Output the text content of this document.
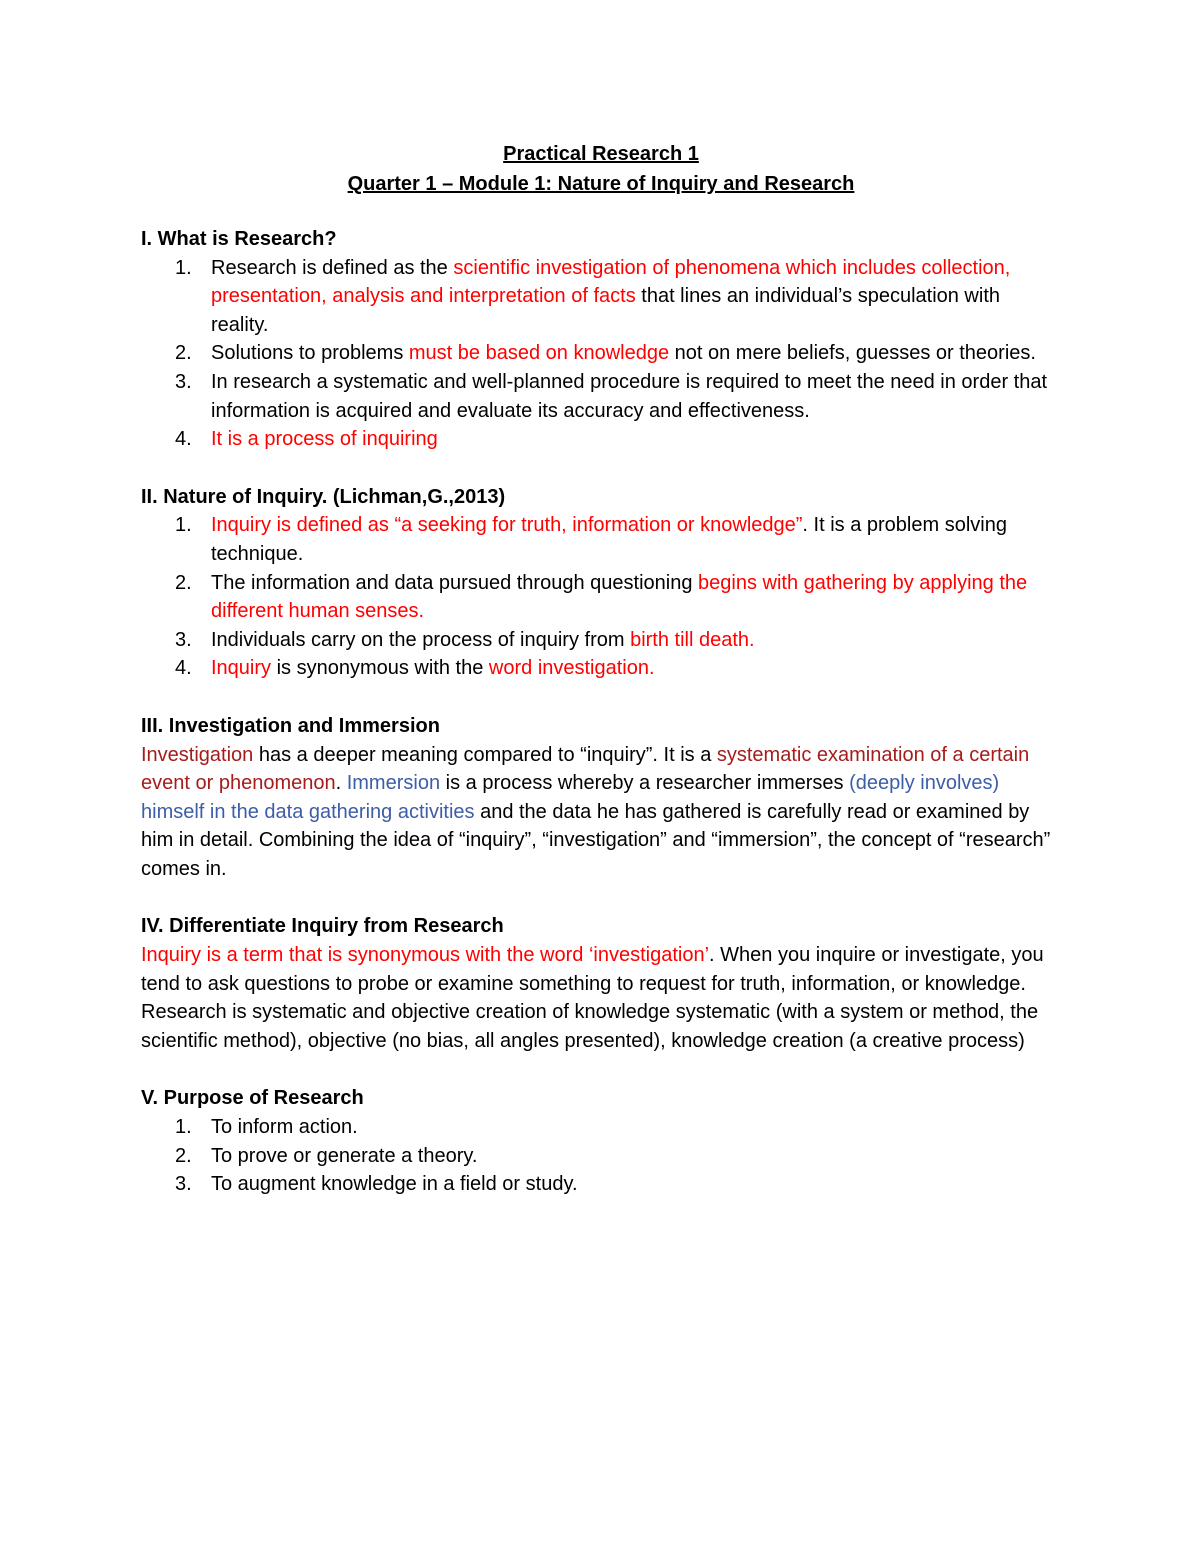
Practical Research 1

Quarter 1 – Module 1: Nature of Inquiry and Research

I. What is Research?

1. Research is defined as the scientific investigation of phenomena which includes collection, presentation, analysis and interpretation of facts that lines an individual’s speculation with reality.
2. Solutions to problems must be based on knowledge not on mere beliefs, guesses or theories.
3. In research a systematic and well-planned procedure is required to meet the need in order that information is acquired and evaluate its accuracy and effectiveness.
4. It is a process of inquiring

II. Nature of Inquiry. (Lichman,G.,2013)

1. Inquiry is defined as “a seeking for truth, information or knowledge”. It is a problem solving technique.
2. The information and data pursued through questioning begins with gathering by applying the different human senses.
3. Individuals carry on the process of inquiry from birth till death.
4. Inquiry is synonymous with the word investigation.

III. Investigation and Immersion

Investigation has a deeper meaning compared to “inquiry”. It is a systematic examination of a certain event or phenomenon. Immersion is a process whereby a researcher immerses (deeply involves) himself in the data gathering activities and the data he has gathered is carefully read or examined by him in detail. Combining the idea of “inquiry”, “investigation” and “immersion”, the concept of “research” comes in.

IV. Differentiate Inquiry from Research

Inquiry is a term that is synonymous with the word ‘investigation’. When you inquire or investigate, you tend to ask questions to probe or examine something to request for truth, information, or knowledge. Research is systematic and objective creation of knowledge systematic (with a system or method, the scientific method), objective (no bias, all angles presented), knowledge creation (a creative process)

V. Purpose of Research

1. To inform action.
2. To prove or generate a theory.
3. To augment knowledge in a field or study.
